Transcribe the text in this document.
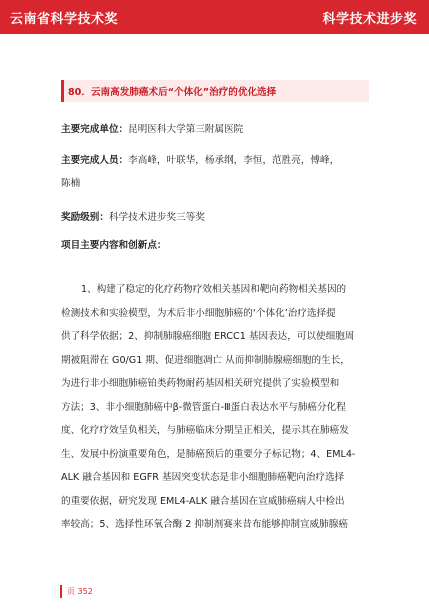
云南省科学技术奖	科学技术进步奖
80．云南高发肺癌术后“个体化”治疗的优化选择
主要完成单位：昆明医科大学第三附属医院
主要完成人员：李高峰，叶联华，杨承纲，李恒，范胜亮，傅峰，
陈楠
奖励级别：科学技术进步奖三等奖
项目主要内容和创新点：
1、构建了稳定的化疗药物疗效相关基因和靶向药物相关基因的
检测技术和实验模型，为术后非小细胞肺癌的‘个体化’治疗选择提
供了科学依据；2、抑制肺腺癌细胞 ERCC1 基因表达，可以使细胞周
期被阻滞在 G0/G1 期、促进细胞凋亡 从而抑制肺腺癌细胞的生长，
为进行非小细胞肺癌铂类药物耐药基因相关研究提供了实验模型和
方法；3、非小细胞肺癌中β-微管蛋白-Ⅲ蛋白表达水平与肺癌分化程
度、化疗疗效呈负相关，与肺癌临床分期呈正相关，提示其在肺癌发
生、发展中扮演重要角色，是肺癌预后的重要分子标记物；4、EML4-
ALK 融合基因和 EGFR 基因突变状态是非小细胞肺癌靶向治疗选择
的重要依据，研究发现 EML4-ALK 融合基因在宣威肺癌病人中检出
率较高；5、选择性环氧合酶 2 抑制剂赛来昔布能够抑制宣威肺腺癌
页 352
